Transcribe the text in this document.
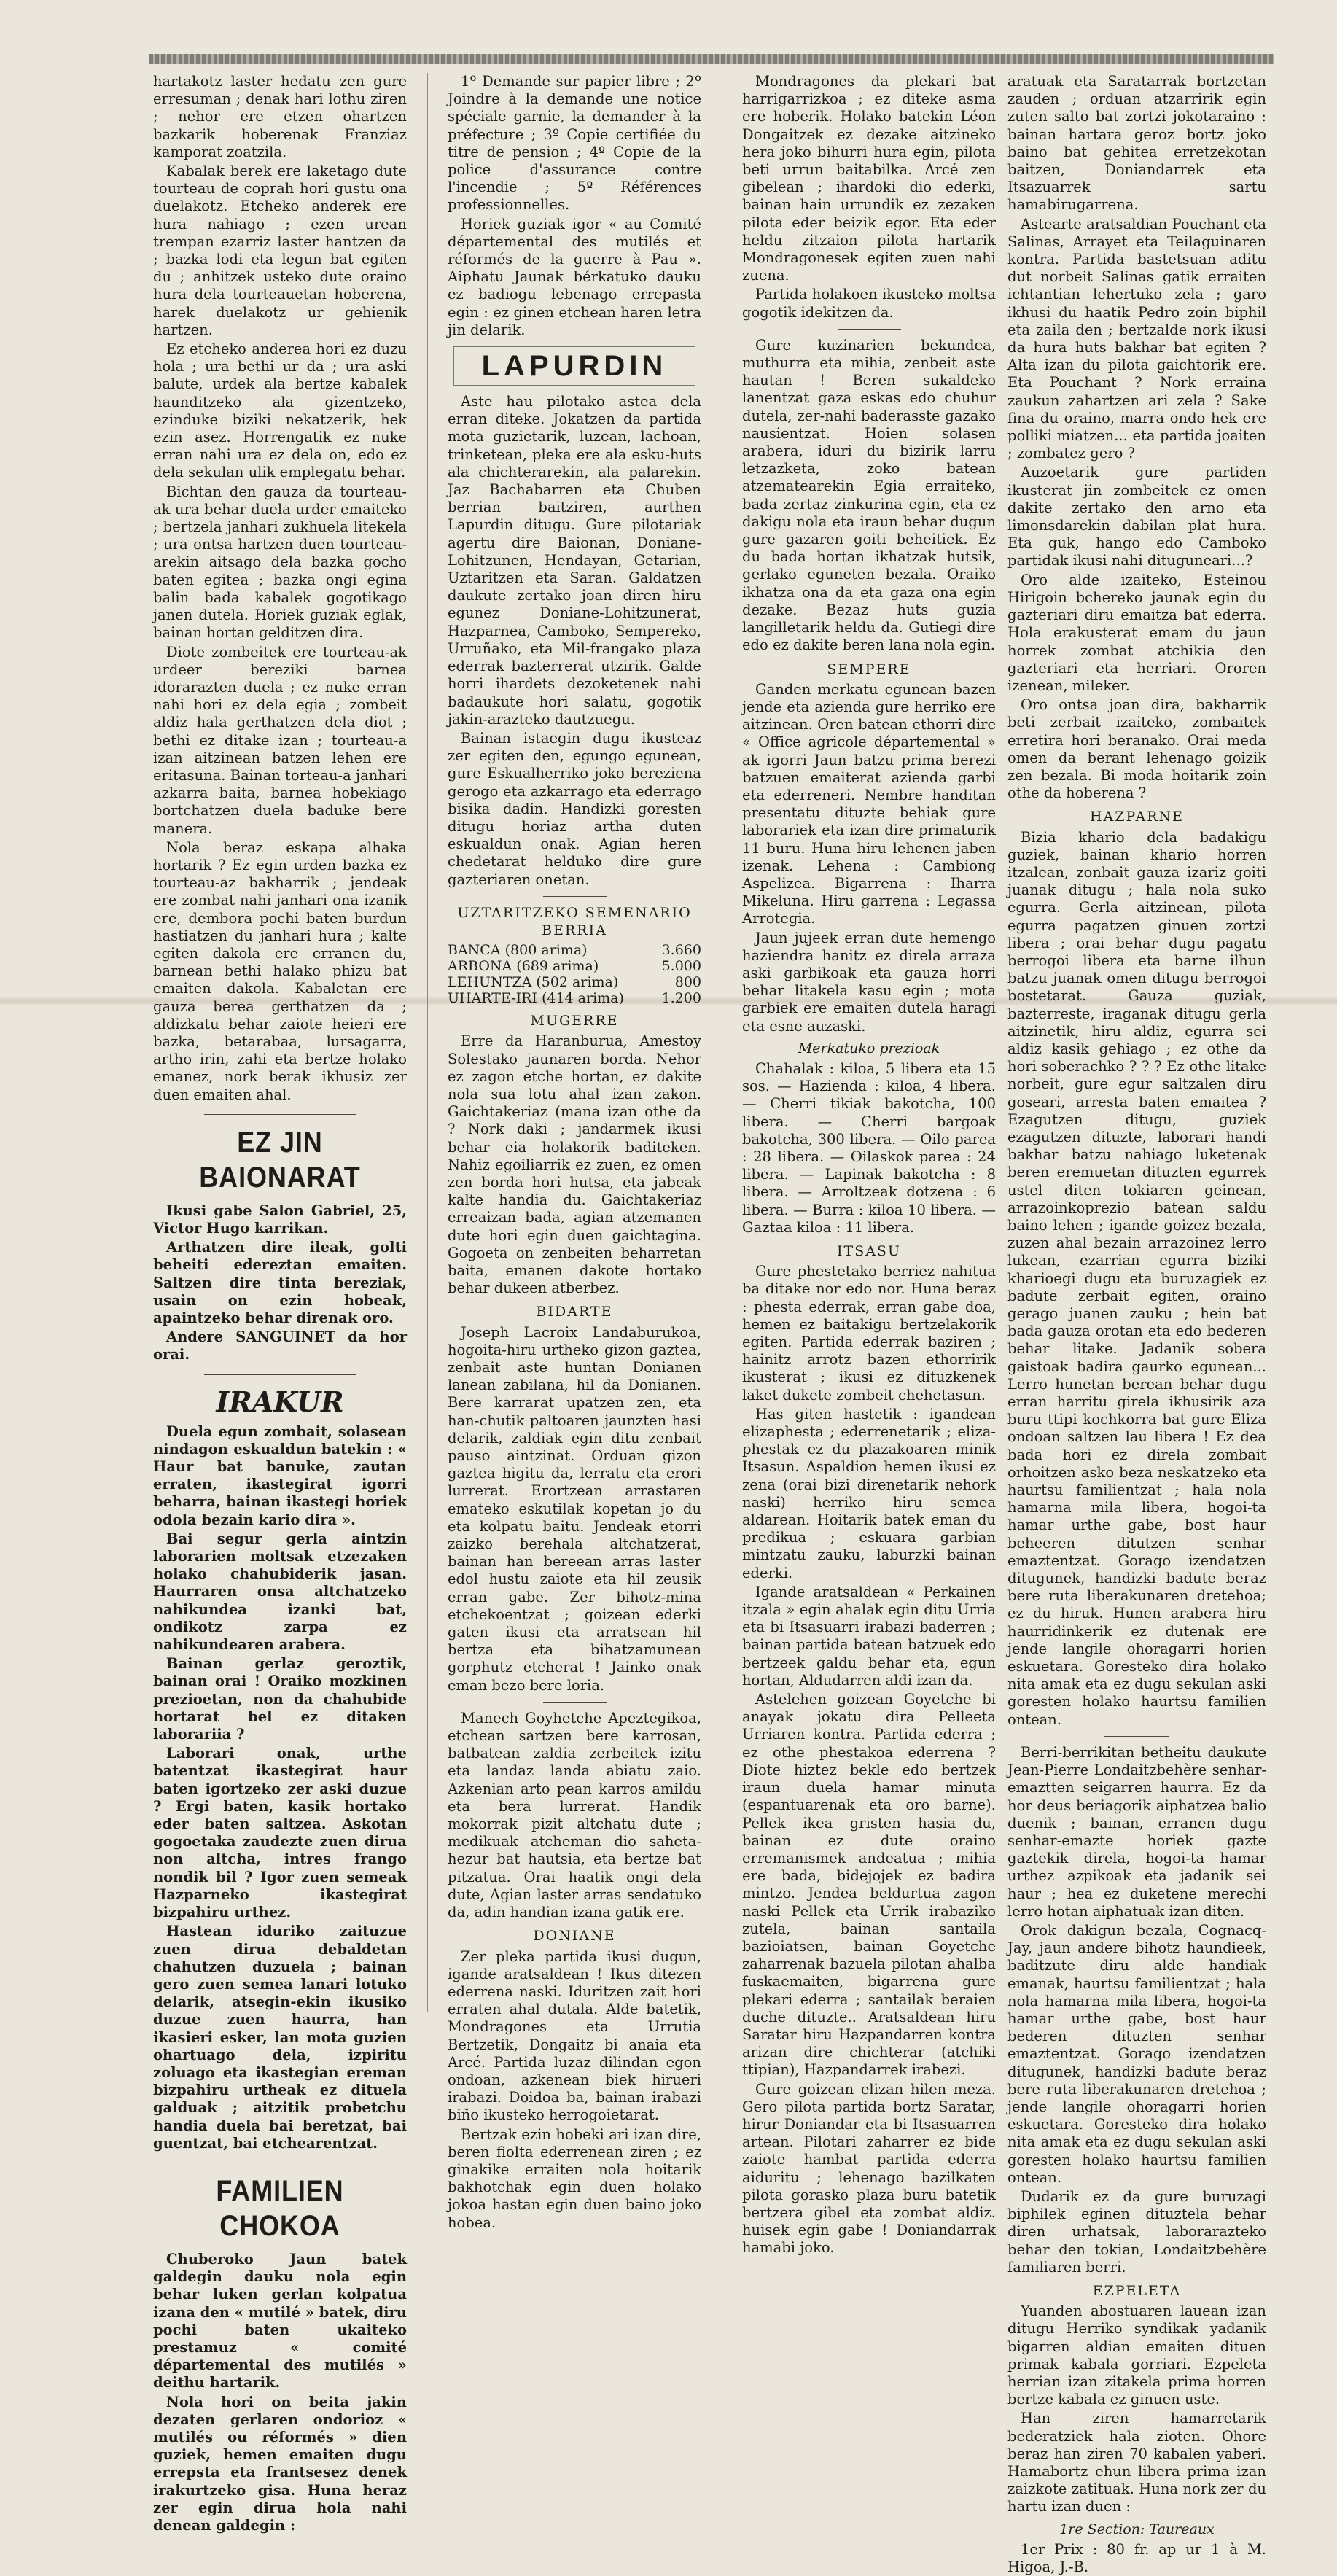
hartakotz laster hedatu zen gure erresuman ; denak hari lothu ziren ; nehor ere etzen ohartzen bazkarik hoberenak Franziaz kamporat zoatzila.

Kabalak berek ere laketago dute tourteau de coprah hori gustu ona duelakotz. Etcheko anderek ere hura nahiago ; ezen urean trempan ezarriz laster hantzen da ; bazka lodi eta legun bat egiten du ; anhitzek usteko dute oraino hura dela tourteauetan hoberena, harek duelakotz ur gehienik hartzen.

Ez etcheko anderea hori ez duzu hola ; ura bethi ur da ; ura aski balute, urdek ala bertze kabalek haunditzeko ala gizentzeko, ezinduke biziki nekatzerik, hek ezin asez. Horrengatik ez nuke erran nahi ura ez dela on, edo ez dela sekulan ulik emplegatu behar.

Bichtan den gauza da tourteau-ak ura behar duela urder emaiteko ; bertzela janhari zukhuela litekela ; ura ontsa hartzen duen tourteau-arekin aitsago dela bazka gocho baten egitea ; bazka ongi egina balin bada kabalek gogotikago janen dutela. Horiek guziak eglak, bainan hortan gelditzen dira.

Diote zombeitek ere tourteau-ak urdeer bereziki barnea idorarazten duela ; ez nuke erran nahi hori ez dela egia ; zombeit aldiz hala gerthatzen dela diot ; bethi ez ditake izan ; tourteau-a izan aitzinean batzen lehen ere eritasuna. Bainan torteau-a janhari azkarra baita, barnea hobekiago bortchatzen duela baduke bere manera.

Nola beraz eskapa alhaka hortarik ? Ez egin urden bazka ez tourteau-az bakharrik ; jendeak ere zombat nahi janhari ona izanik ere, dembora pochi baten burdun hastiatzen du janhari hura ; kalte egiten dakola ere erranen du, barnean bethi halako phizu bat emaiten dakola. Kabaletan ere gauza berea gerthatzen da ; aldizkatu behar zaiote heieri ere bazka, betarabaa, lursagarra, artho irin, zahi eta bertze holako emanez, nork berak ikhusiz zer duen emaiten ahal.

EZ JIN BAIONARAT

Ikusi gabe Salon Gabriel, 25, Victor Hugo karrikan.

Arthatzen dire ileak, golti beheiti edereztan emaiten. Saltzen dire tinta bereziak, usain on ezin hobeak, apaintzeko behar direnak oro.

Andere SANGUINET da hor orai.

IRAKUR

Duela egun zombait, solasean nindagon eskualdun batekin : « Haur bat banuke, zautan erraten, ikastegirat igorri beharra, bainan ikastegi horiek odola bezain kario dira ».

Bai segur gerla aintzin laborarien moltsak etzezaken holako chahubiderik jasan. Haurraren onsa altchatzeko nahikundea izanki bat, ondikotz zarpa ez nahikundearen arabera.

Bainan gerlaz geroztik, bainan orai ! Oraiko mozkinen prezioetan, non da chahubide hortarat bel ez ditaken laborariia ?

Laborari onak, urthe batentzat ikastegirat haur baten igortzeko zer aski duzue ? Ergi baten, kasik hortako eder baten saltzea. Askotan gogoetaka zaudezte zuen dirua non altcha, intres frango nondik bil ? Igor zuen semeak Hazparneko ikastegirat bizpahiru urthez.

Hastean iduriko zaituzue zuen dirua debaldetan chahutzen duzuela ; bainan gero zuen semea lanari lotuko delarik, atsegin-ekin ikusiko duzue zuen haurra, han ikasieri esker, lan mota guzien ohartuago dela, izpiritu zoluago eta ikastegian ereman bizpahiru urtheak ez dituela galduak ; aitzitik probetchu handia duela bai beretzat, bai guentzat, bai etchearentzat.

FAMILIEN CHOKOA

Chuberoko Jaun batek galdegin dauku nola egin behar luken gerlan kolpatua izana den « mutilé » batek, diru pochi baten ukaiteko prestamuz « comité départemental des mutilés » deithu hartarik.

Nola hori on beita jakin dezaten gerlaren ondorioz « mutilés ou réformés » dien guziek, hemen emaiten dugu errepsta eta frantsesez denek irakurtzeko gisa. Huna heraz zer egin dirua hola nahi denean galdegin :

1º Demande sur papier libre ; 2º Joindre à la demande une notice spéciale garnie, la demander à la préfecture ; 3º Copie certifiée du titre de pension ; 4º Copie de la police d'assurance contre l'incendie ; 5º Références professionnelles.

Horiek guziak igor « au Comité départemental des mutilés et réformés de la guerre à Pau ». Aiphatu Jaunak bérkatuko dauku ez badiogu lebenago errepasta egin : ez ginen etchean haren letra jin delarik.

LAPURDIN

Aste hau pilotako astea dela erran diteke. Jokatzen da partida mota guzietarik, luzean, lachoan, trinketean, pleka ere ala esku-huts ala chichterarekin, ala palarekin. Jaz Bachabarren eta Chuben berrian baitziren, aurthen Lapurdin ditugu. Gure pilotariak agertu dire Baionan, Doniane-Lohitzunen, Hendayan, Getarian, Uztaritzen eta Saran. Galdatzen daukute zertako joan diren hiru egunez Doniane-Lohitzunerat, Hazparnea, Camboko, Sempereko, Urruñako, eta Mil-frangako plaza ederrak bazterrerat utzirik. Galde horri ihardets dezoketenek nahi badaukute hori salatu, gogotik jakin-arazteko dautzuegu.

Bainan istaegin dugu ikusteaz zer egiten den, egungo egunean, gure Eskualherriko joko bereziena gerogo eta azkarrago eta ederrago bisika dadin. Handizki goresten ditugu horiaz artha duten eskualdun onak. Agian heren chedetarat helduko dire gure gazteriaren onetan.

UZTARITZEKO SEMENARIO BERRIA
BANCA (800 arima)	3.660
ARBONA (689 arima)	5.000
LEHUNTZA (502 arima)	800
UHARTE-IRI (414 arima)	1.200
MUGERRE

Erre da Haranburua, Amestoy Solestako jaunaren borda. Nehor ez zagon etche hortan, ez dakite nola sua lotu ahal izan zakon. Gaichtakeriaz (mana izan othe da ? Nork daki ; jandarmek ikusi behar eia holakorik baditeken. Nahiz egoiliarrik ez zuen, ez omen zen borda hori hutsa, eta jabeak kalte handia du. Gaichtakeriaz erreaizan bada, agian atzemanen dute hori egin duen gaichtagina. Gogoeta on zenbeiten beharretan baita, emanen dakote hortako behar dukeen atberbez.

BIDARTE

Joseph Lacroix Landaburukoa, hogoita-hiru urtheko gizon gaztea, zenbait aste huntan Donianen lanean zabilana, hil da Donianen. Bere karrarat upatzen zen, eta han-chutik paltoaren jaunzten hasi delarik, zaldiak egin ditu zenbait pauso aintzinat. Orduan gizon gaztea higitu da, lerratu eta erori lurrerat. Erortzean arrastaren emateko eskutilak kopetan jo du eta kolpatu baitu. Jendeak etorri zaizko berehala altchatzerat, bainan han bereean arras laster edol hustu zaiote eta hil zeusik erran gabe. Zer bihotz-mina etchekoentzat ; goizean ederki gaten ikusi eta arratsean hil bertza eta bihatzamunean gorphutz etcherat ! Jainko onak eman bezo bere loria.

Manech Goyhetche Apeztegikoa, etchean sartzen bere karrosan, batbatean zaldia zerbeitek izitu eta landaz landa abiatu zaio. Azkenian arto pean karros amildu eta bera lurrerat. Handik mokorrak pizit altchatu dute ; medikuak atcheman dio saheta-hezur bat hautsia, eta bertze bat pitzatua. Orai haatik ongi dela dute, Agian laster arras sendatuko da, adin handian izana gatik ere.

DONIANE

Zer pleka partida ikusi dugun, igande aratsaldean ! Ikus ditezen ederrena naski. Iduritzen zait hori erraten ahal dutala. Alde batetik, Mondragones eta Urrutia Bertzetik, Dongaitz bi anaia eta Arcé. Partida luzaz dilindan egon ondoan, azkenean biek hirueri irabazi. Doidoa ba, bainan irabazi biño ikusteko herrogoietarat.

Bertzak ezin hobeki ari izan dire, beren fiolta ederrenean ziren ; ez ginakike erraiten nola hoitarik bakhotchak egin duen holako jokoa hastan egin duen baino joko hobea.

Mondragones da plekari bat harrigarrizkoa ; ez diteke asma ere hoberik. Holako batekin Léon Dongaitzek ez dezake aitzineko hera joko bihurri hura egin, pilota beti urrun baitabilka. Arcé zen gibelean ; ihardoki dio ederki, bainan hain urrundik ez zezaken pilota eder beizik egor. Eta eder heldu zitzaion pilota hartarik Mondragonesek egiten zuen nahi zuena.

Partida holakoen ikusteko moltsa gogotik idekitzen da.

Gure kuzinarien bekundea, muthurra eta mihia, zenbeit aste hautan ! Beren sukaldeko lanentzat gaza eskas edo chuhur dutela, zer-nahi baderasste gazako nausientzat. Hoien solasen arabera, iduri du bizirik larru letzazketa, zoko batean atzematearekin Egia erraiteko, bada zertaz zinkurina egin, eta ez dakigu nola eta iraun behar dugun gure gazaren goiti beheitiek. Ez du bada hortan ikhatzak hutsik, gerlako eguneten bezala. Oraiko ikhatza ona da eta gaza ona egin dezake. Bezaz huts guzia langilletarik heldu da. Gutiegi dire edo ez dakite beren lana nola egin.

SEMPERE

Ganden merkatu egunean bazen jende eta azienda gure herriko ere aitzinean. Oren batean ethorri dire « Office agricole départemental » ak igorri Jaun batzu prima berezi batzuen emaiterat azienda garbi eta ederreneri. Nembre handitan presentatu dituzte behiak gure laborariek eta izan dire primaturik 11 buru. Huna hiru lehenen jaben izenak. Lehena : Cambiong Aspelizea. Bigarrena : Iharra Mikeluna. Hiru garrena : Legassa Arrotegia.

Jaun jujeek erran dute hemengo haziendra hanitz ez direla arraza aski garbikoak eta gauza horri behar litakela kasu egin ; mota garbiek ere emaiten dutela haragi eta esne auzaski.

Merkatuko prezioak

Chahalak : kiloa, 5 libera eta 15 sos. — Hazienda : kiloa, 4 libera. — Cherri tikiak bakotcha, 100 libera. — Cherri bargoak bakotcha, 300 libera. — Oilo parea : 28 libera. — Oilaskok parea : 24 libera. — Lapinak bakotcha : 8 libera. — Arroltzeak dotzena : 6 libera. — Burra : kiloa 10 libera. — Gaztaa kiloa : 11 libera.

ITSASU

Gure phestetako berriez nahitua ba ditake nor edo nor. Huna beraz : phesta ederrak, erran gabe doa, hemen ez baitakigu bertzelakorik egiten. Partida ederrak baziren ; hainitz arrotz bazen ethorririk ikusterat ; ikusi ez dituzkenek laket dukete zombeit chehetasun.

Has giten hastetik : igandean elizaphesta ; ederrenetarik ; eliza-phestak ez du plazakoaren minik Itsasun. Aspaldion hemen ikusi ez zena (orai bizi direnetarik nehork naski) herriko hiru semea aldarean. Hoitarik batek eman du predikua ; eskuara garbian mintzatu zauku, laburzki bainan ederki.

Igande aratsaldean « Perkainen itzala » egin ahalak egin ditu Urria eta bi Itsasuarri irabazi baderren ; bainan partida batean batzuek edo bertzeek galdu behar eta, egun hortan, Aldudarren aldi izan da.

Astelehen goizean Goyetche bi anayak jokatu dira Pelleeta Urriaren kontra. Partida ederra ; ez othe phestakoa ederrena ? Diote hiztez bekle edo bertzek iraun duela hamar minuta (espantuarenak eta oro barne). Pellek ikea gristen hasia du, bainan ez dute oraino erremanismek andeatua ; mihia ere bada, bidejojek ez badira mintzo. Jendea beldurtua zagon naski Pellek eta Urrik irabaziko zutela, bainan santaila bazioiatsen, bainan Goyetche zaharrenak bazuela pilotan ahalba fuskaemaiten, bigarrena gure plekari ederra ; santailak beraien duche dituzte.. Aratsaldean hiru Saratar hiru Hazpandarren kontra arizan dire chichterar (atchiki ttipian), Hazpandarrek irabezi.

Gure goizean elizan hilen meza. Gero pilota partida bortz Saratar, hirur Doniandar eta bi Itsasuarren artean. Pilotari zaharrer ez bide zaiote hambat partida ederra aiduritu ; lehenago bazilkaten pilota gorasko plaza buru batetik bertzera gibel eta zombat aldiz. huisek egin gabe ! Doniandarrak hamabi joko.

aratuak eta Saratarrak bortzetan zauden ; orduan atzarririk egin zuten salto bat zortzi jokotaraino : bainan hartara geroz bortz joko baino bat gehitea erretzekotan baitzen, Doniandarrek eta Itsazuarrek sartu hamabirugarrena.

Astearte aratsaldian Pouchant eta Salinas, Arrayet eta Teilaguinaren kontra. Partida bastetsuan aditu dut norbeit Salinas gatik erraiten ichtantian lehertuko zela ; garo ikhusi du haatik Pedro zoin biphil eta zaila den ; bertzalde nork ikusi da hura huts bakhar bat egiten ? Alta izan du pilota gaichtorik ere. Eta Pouchant ? Nork erraina zaukun zahartzen ari zela ? Sake fina du oraino, marra ondo hek ere polliki miatzen... eta partida joaiten ; zombatez gero ?

Auzoetarik gure partiden ikusterat jin zombeitek ez omen dakite zertako den arno eta limonsdarekin dabilan plat hura. Eta guk, hango edo Camboko partidak ikusi nahi dituguneari...?

Oro alde izaiteko, Esteinou Hirigoin bchereko jaunak egin du gazteriari diru emaitza bat ederra. Hola erakusterat emam du jaun horrek zombat atchikia den gazteriari eta herriari. Ororen izenean, mileker.

Oro ontsa joan dira, bakharrik beti zerbait izaiteko, zombaitek erretira hori beranako. Orai meda omen da berant lehenago goizik zen bezala. Bi moda hoitarik zoin othe da hoberena ?

HAZPARNE

Bizia khario dela badakigu guziek, bainan khario horren itzalean, zonbait gauza izariz goiti juanak ditugu ; hala nola suko egurra. Gerla aitzinean, pilota egurra pagatzen ginuen zortzi libera ; orai behar dugu pagatu berrogoi libera eta barne ilhun batzu juanak omen ditugu berrogoi bostetarat. Gauza guziak, bazterreste, iraganak ditugu gerla aitzinetik, hiru aldiz, egurra sei aldiz kasik gehiago ; ez othe da hori soberachko ? ? ? Ez othe litake norbeit, gure egur saltzalen diru goseari, arresta baten emaitea ? Ezagutzen ditugu, guziek ezagutzen dituzte, laborari handi bakhar batzu nahiago luketenak beren eremuetan dituzten egurrek ustel diten tokiaren geinean, arrazoinkoprezio batean saldu baino lehen ; igande goizez bezala, zuzen ahal bezain arrazoinez lerro lukean, ezarrian egurra biziki kharioegi dugu eta buruzagiek ez badute zerbait egiten, oraino gerago juanen zauku ; hein bat bada gauza orotan eta edo bederen behar litake. Jadanik sobera gaistoak badira gaurko egunean... Lerro hunetan berean behar dugu erran harritu girela ikhusirik aza buru ttipi kochkorra bat gure Eliza ondoan saltzen lau libera ! Ez dea bada hori ez direla zombait orhoitzen asko beza neskatzeko eta haurtsu familientzat ; hala nola hamarna mila libera, hogoi-ta hamar urthe gabe, bost haur beheeren ditutzen senhar emaztentzat. Gorago izendatzen ditugunek, handizki badute beraz bere ruta liberakunaren dretehoa; ez du hiruk. Hunen arabera hiru haurridinkerik ez dutenak ere jende langile ohoragarri horien eskuetara. Goresteko dira holako nita amak eta ez dugu sekulan aski goresten holako haurtsu familien ontean.

Berri-berrikitan betheitu daukute Jean-Pierre Londaitzbehère senhar-emaztten seigarren haurra. Ez da hor deus beriagorik aiphatzea balio duenik ; bainan, erranen dugu senhar-emazte horiek gazte gaztekik direla, hogoi-ta hamar urthez azpikoak eta jadanik sei haur ; hea ez duketene merechi lerro hotan aiphatuak izan diten.

Orok dakigun bezala, Cognacq-Jay, jaun andere bihotz haundieek, baditzute diru alde handiak emanak, haurtsu familientzat ; hala nola hamarna mila libera, hogoi-ta hamar urthe gabe, bost haur bederen dituzten senhar emaztentzat. Gorago izendatzen ditugunek, handizki badute beraz bere ruta liberakunaren dretehoa ; jende langile ohoragarri horien eskuetara. Goresteko dira holako nita amak eta ez dugu sekulan aski goresten holako haurtsu familien ontean.

Dudarik ez da gure buruzagi biphilek eginen dituztela behar diren urhatsak, laborarazteko behar den tokian, Londaitzbehère familiaren berri.

EZPELETA

Yuanden abostuaren lauean izan ditugu Herriko syndikak yadanik bigarren aldian emaiten dituen primak kabala gorriari. Ezpeleta herrian izan zitakela prima horren bertze kabala ez ginuen uste.

Han ziren hamarretarik bederatziek hala zioten. Ohore beraz han ziren 70 kabalen yaberi. Hamabortz ehun libera prima izan zaizkote zatituak. Huna nork zer du hartu izan duen :

1re Section: Taureaux

1er Prix : 80 fr. ap ur 1 à M. Higoa, J.-B.
